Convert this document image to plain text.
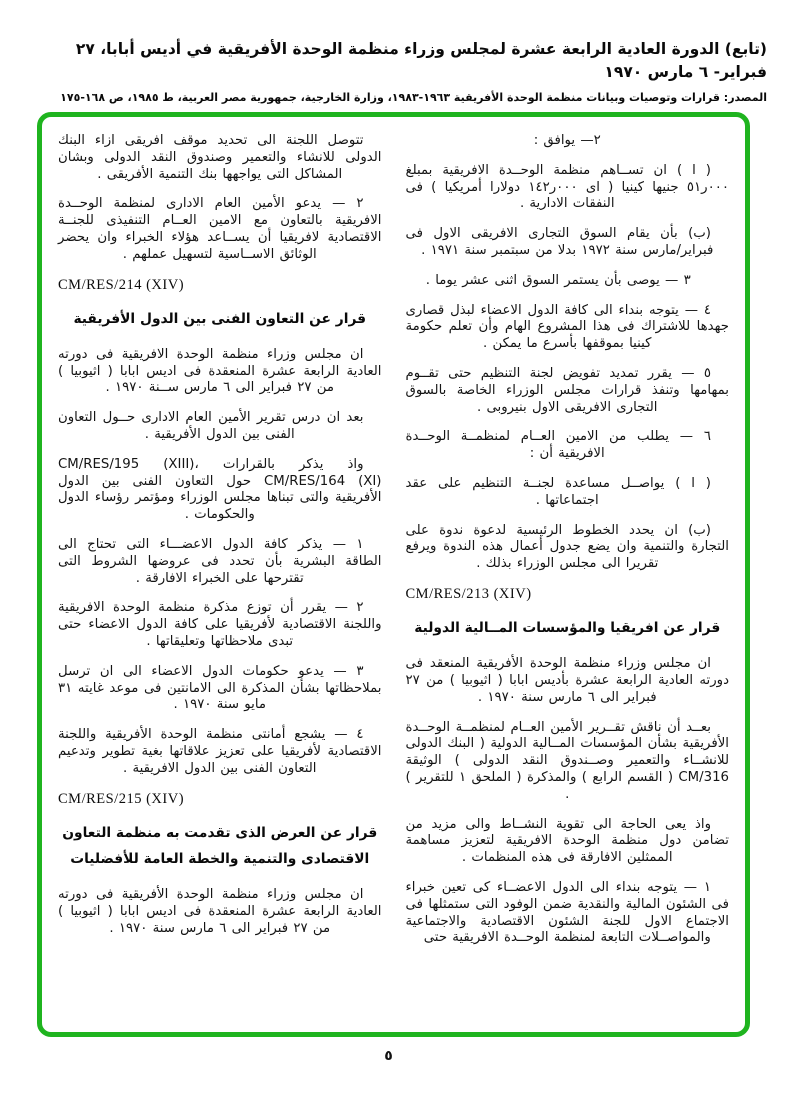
(تابع) الدورة العادية الرابعة عشرة لمجلس وزراء منظمة الوحدة الأفريقية في أديس أبابا، ٢٧ فبراير- ٦ مارس ١٩٧٠
المصدر: قرارات وتوصيات وبيانات منظمة الوحدة الأفريقية ١٩٦٣-١٩٨٣، وزارة الخارجية، جمهورية مصر العربية، ط ١٩٨٥، ص ١٦٨-١٧٥

٢— يوافق :

( ا ) ان تســاهم منظمة الوحــدة الافريقية بمبلغ ٠٠٠ر٥١ جنيها كينيا ( اى ٠٠٠ر١٤٢ دولارا أمريكيا ) فى النفقات الادارية .

(ب) بأن يقام السوق التجارى الافريقى الاول فى فبراير/مارس سنة ١٩٧٢ بدلا من سبتمبر سنة ١٩٧١ .

٣ — يوصى بأن يستمر السوق اثنى عشر يوما .

٤ — يتوجه بنداء الى كافة الدول الاعضاء لبذل قصارى جهدها للاشتراك فى هذا المشروع الهام وأن تعلم حكومة كينيا بموقفها بأسرع ما يمكن .

٥ — يقرر تمديد تفويض لجنة التنظيم حتى تقــوم بمهامها وتنفذ قرارات مجلس الوزراء الخاصة بالسوق التجارى الافريقى الاول بنيروبى .

٦ — يطلب من الامين العــام لمنظمــة الوحــدة الافريقية أن :

( ا ) يواصــل مساعدة لجنــة التنظيم على عقد اجتماعاتها .

(ب) ان يحدد الخطوط الرئيسية لدعوة ندوة على التجارة والتنمية وان يضع جدول أعمال هذه الندوة ويرفع تقريرا الى مجلس الوزراء بذلك .

CM/RES/213 (XIV)

قرار عن افريقيا والمؤسسات المــالية الدولية

ان مجلس وزراء منظمة الوحدة الأفريقية المنعقد فى دورته العادية الرابعة عشرة بأديس ابابا ( اثيوبيا ) من ٢٧ فبراير الى ٦ مارس سنة ١٩٧٠ .

بعــد أن ناقش تقــرير الأمين العــام لمنظمــة الوحــدة الأفريقية بشأن المؤسسات المــالية الدولية ( البنك الدولى للانشــاء والتعمير وصــندوق النقد الدولى ) الوثيقة CM/316 ( القسم الرابع ) والمذكرة ( الملحق ١ للتقرير ) .

واذ يعى الحاجة الى تقوية النشــاط والى مزيد من تضامن دول منظمة الوحدة الافريقية لتعزيز مساهمة الممثلين الافارقة فى هذه المنظمات .

١ — يتوجه بنداء الى الدول الاعضــاء كى تعين خبراء فى الشئون المالية والنقدية ضمن الوفود التى ستمثلها فى الاجتماع الاول للجنة الشئون الاقتصادية والاجتماعية والمواصــلات التابعة لمنظمة الوحــدة الافريقية حتى

تتوصل اللجنة الى تحديد موقف افريقى ازاء البنك الدولى للانشاء والتعمير وصندوق النقد الدولى وبشان المشاكل التى يواجهها بنك التنمية الأفريقى .

٢ — يدعو الأمين العام الادارى لمنظمة الوحــدة الافريقية بالتعاون مع الامين العــام التنفيذى للجنــة الاقتصادية لافريقيا أن يســاعد هؤلاء الخبراء وان يحضر الوثائق الاســاسية لتسهيل عملهم .

CM/RES/214 (XIV)

قرار عن التعاون الفنى بين الدول الأفريقية

ان مجلس وزراء منظمة الوحدة الافريقية فى دورته العادية الرابعة عشرة المنعقدة فى اديس ابابا ( اثيوبيا ) من ٢٧ فبراير الى ٦ مارس ســنة ١٩٧٠ .

بعد ان درس تقرير الأمين العام الادارى حــول التعاون الفنى بين الدول الأفريقية .

واذ يذكر بالقرارات CM/RES/195 (XIII)، CM/RES/164 (XI) حول التعاون الفنى بين الدول الأفريقية والتى تبناها مجلس الوزراء ومؤتمر رؤساء الدول والحكومات .

١ — يذكر كافة الدول الاعضـــاء التى تحتاج الى الطاقة البشرية بأن تحدد فى عروضها الشروط التى تقترحها على الخبراء الافارقة .

٢ — يقرر أن توزع مذكرة منظمة الوحدة الافريقية واللجنة الاقتصادية لأفريقيا على كافة الدول الاعضاء حتى تبدى ملاحظاتها وتعليقاتها .

٣ — يدعو حكومات الدول الاعضاء الى ان ترسل بملاحظاتها بشأن المذكرة الى الامانتين فى موعد غايته ٣١ مايو سنة ١٩٧٠ .

٤ — يشجع أمانتى منظمة الوحدة الأفريقية واللجنة الاقتصادية لأفريقيا على تعزيز علاقاتها بغية تطوير وتدعيم التعاون الفنى بين الدول الافريقية .

CM/RES/215 (XIV)

قرار عن العرض الذى تقدمت به منظمة التعاون الاقتصادى والتنمية والخطة العامة للأفضليات

ان مجلس وزراء منظمة الوحدة الأفريقية فى دورته العادية الرابعة عشرة المنعقدة فى اديس ابابا ( اثيوبيا ) من ٢٧ فبراير الى ٦ مارس سنة ١٩٧٠ .

٥
